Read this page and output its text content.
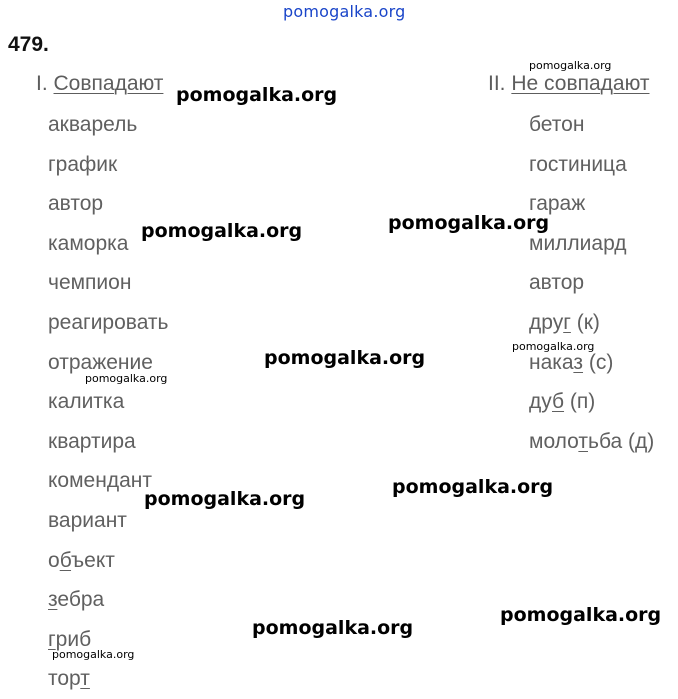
pomogalka.org
479.
I. Совпадают	II. Не совпадают
акварель
график
автор
каморка
чемпион
реагировать
отражение
калитка
квартира
комендант
вариант
объект
зебра
гриб
торт
бетон
гостиница
гараж
миллиард
автор
друг (к)
наказ (с)
дуб (п)
молотьба (д)
pomogalka.org
pomogalka.org
pomogalka.org
pomogalka.org
pomogalka.org
pomogalka.org
pomogalka.org
pomogalka.org
pomogalka.org
pomogalka.org
pomogalka.org
pomogalka.org
